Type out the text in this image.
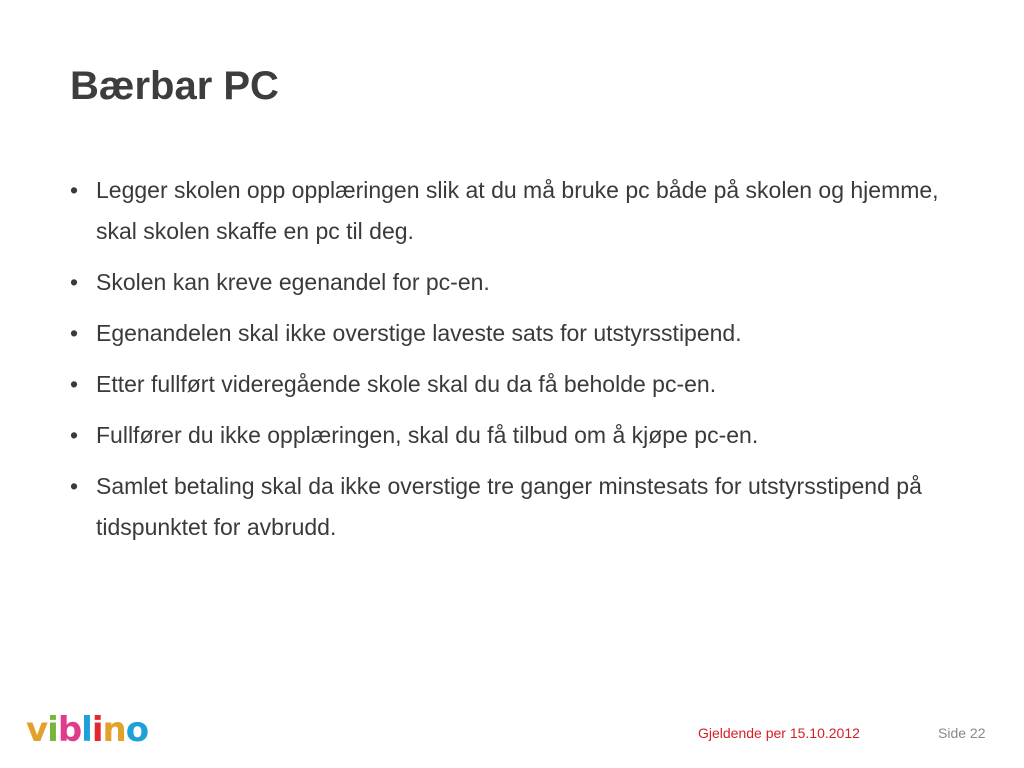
Bærbar PC
• Legger skolen opp opplæringen slik at du må bruke pc både på skolen og hjemme, skal skolen skaffe en pc til deg.
• Skolen kan kreve egenandel for pc-en.
• Egenandelen skal ikke overstige laveste sats for utstyrsstipend.
• Etter fullført videregående skole skal du da få beholde pc-en.
• Fullfører du ikke opplæringen, skal du få tilbud om å kjøpe pc-en.
• Samlet betaling skal da ikke overstige tre ganger minstesats for utstyrsstipend på tidspunktet for avbrudd.
viblino	Gjeldende per 15.10.2012	Side 22
